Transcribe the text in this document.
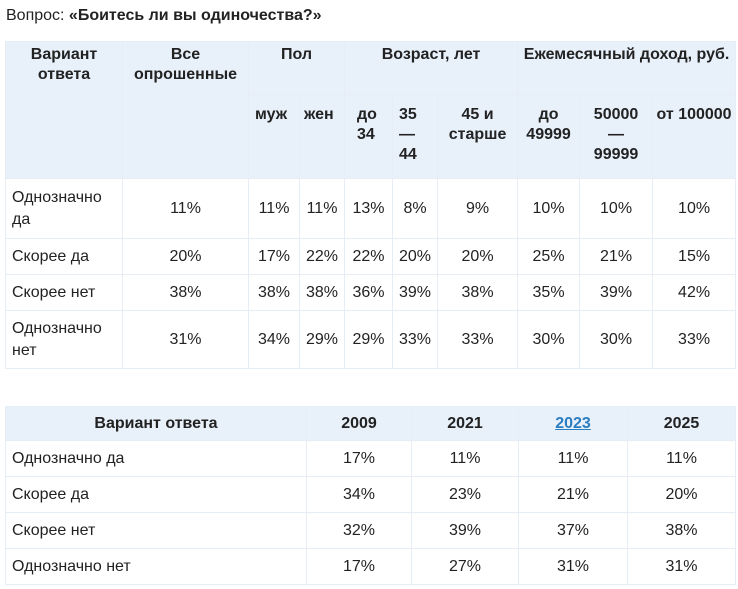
Вопрос: «Боитесь ли вы одиночества?»
Вариант ответа	Все опрошенные	Пол		Возраст, лет			Ежемесячный доход, руб.		
		муж	жен	до 34	35— 44	45 и старше	до 49999	50000 — 99999	от 100000
Однозначно да	11%	11%	11%	13%	8%	9%	10%	10%	10%
Скорее да	20%	17%	22%	22%	20%	20%	25%	21%	15%
Скорее нет	38%	38%	38%	36%	39%	38%	35%	39%	42%
Однозначно нет	31%	34%	29%	29%	33%	33%	30%	30%	33%
Вариант ответа	2009	2021	2023	2025
Однозначно да	17%	11%	11%	11%
Скорее да	34%	23%	21%	20%
Скорее нет	32%	39%	37%	38%
Однозначно нет	17%	27%	31%	31%
